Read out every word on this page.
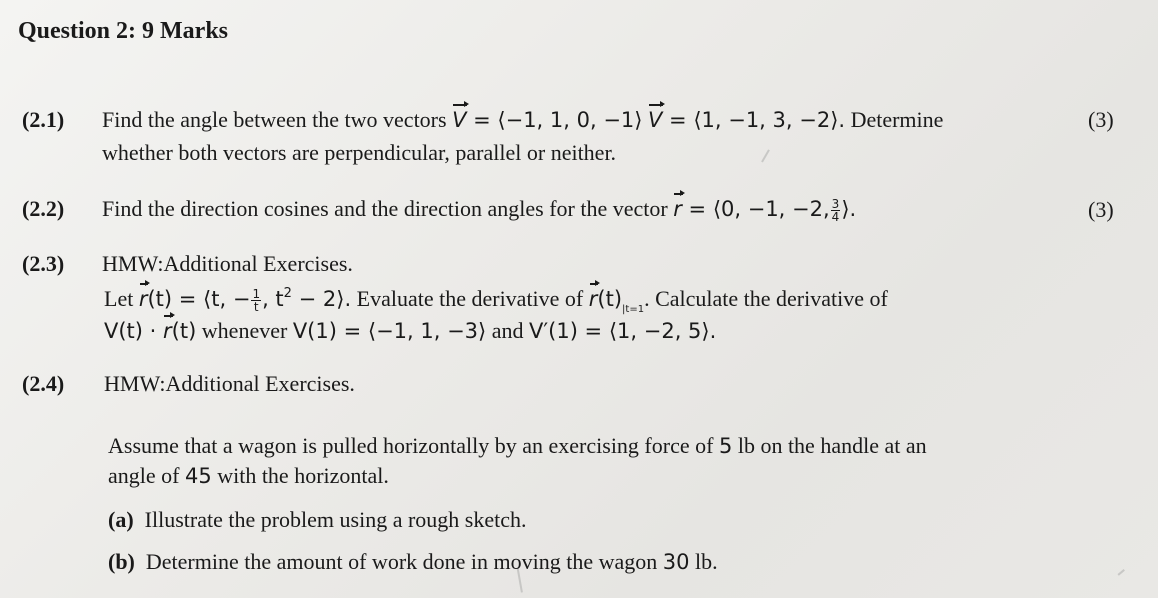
Question 2: 9 Marks
(2.1) Find the angle between the two vectors V = ⟨−1, 1, 0, −1⟩ V = ⟨1, −1, 3, −2⟩. Determine
whether both vectors are perpendicular, parallel or neither.
(3)
(2.2) Find the direction cosines and the direction angles for the vector r = ⟨0, −1, −2, $\frac{3}{4}$ ⟩.	(3)
(2.3) HMW:Additional Exercises.
Let r(t) = ⟨t, − $\frac{1}{t}$ , $t^2$ − 2⟩. Evaluate the derivative of $r(t)_{|t=1}$. Calculate the derivative of
V(t) · r(t) whenever V(1) = ⟨−1, 1, −3⟩ and V′(1) = ⟨1, −2, 5⟩.
(2.4) HMW:Additional Exercises.
Assume that a wagon is pulled horizontally by an exercising force of 5 lb on the handle at an
angle of 45 with the horizontal.
(a) Illustrate the problem using a rough sketch.
(b) Determine the amount of work done in moving the wagon 30 lb.
